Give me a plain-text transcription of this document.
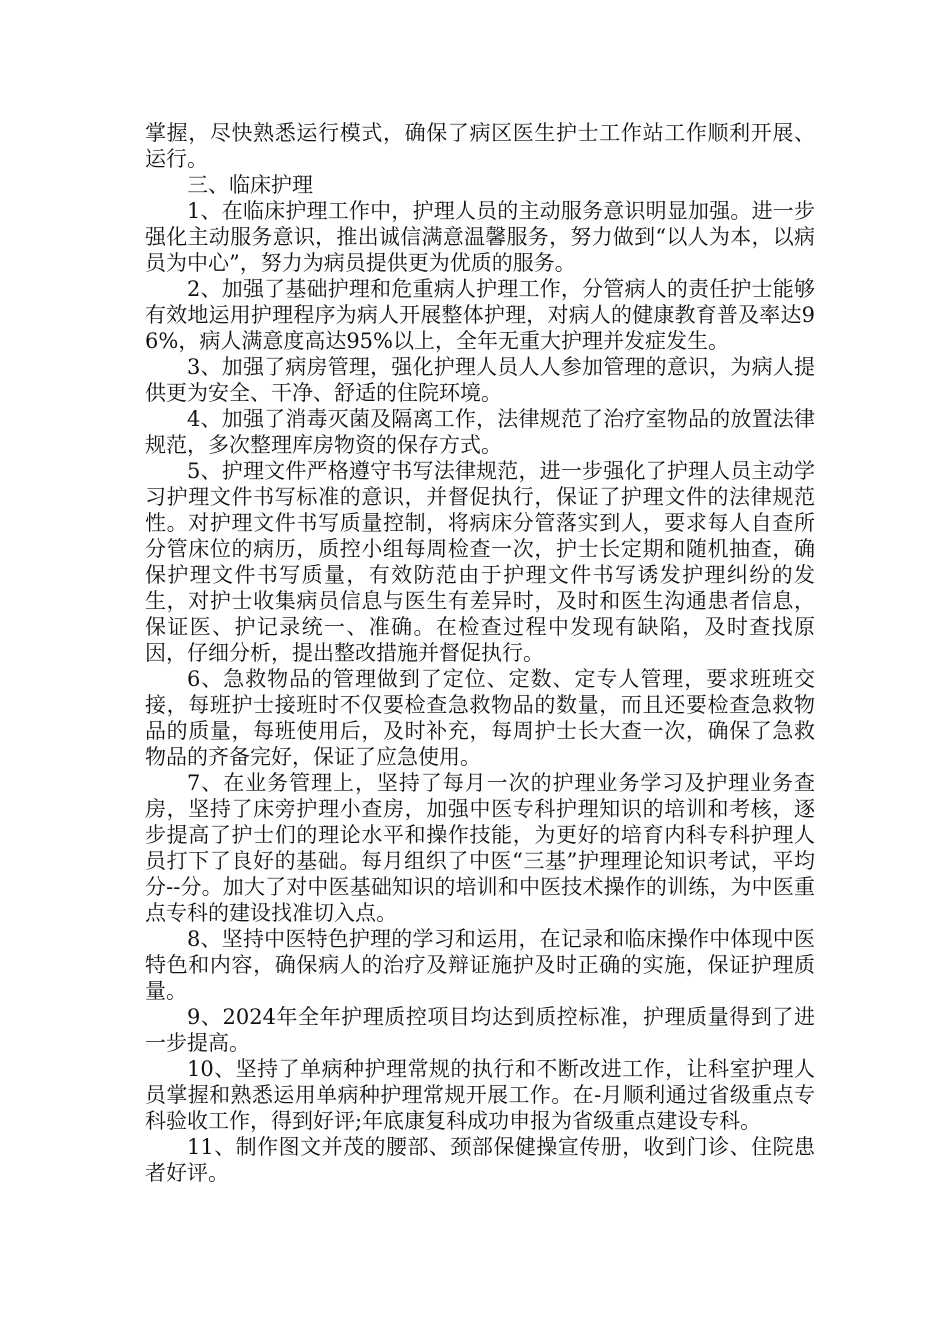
掌握，尽快熟悉运行模式，确保了病区医生护士工作站工作顺利开展、运行。

三、临床护理

1、在临床护理工作中，护理人员的主动服务意识明显加强。进一步强化主动服务意识，推出诚信满意温馨服务，努力做到“以人为本，以病员为中心”，努力为病员提供更为优质的服务。

2、加强了基础护理和危重病人护理工作，分管病人的责任护士能够有效地运用护理程序为病人开展整体护理，对病人的健康教育普及率达96%，病人满意度高达95%以上，全年无重大护理并发症发生。

3、加强了病房管理，强化护理人员人人参加管理的意识，为病人提供更为安全、干净、舒适的住院环境。

4、加强了消毒灭菌及隔离工作，法律规范了治疗室物品的放置法律规范，多次整理库房物资的保存方式。

5、护理文件严格遵守书写法律规范，进一步强化了护理人员主动学习护理文件书写标准的意识，并督促执行，保证了护理文件的法律规范性。对护理文件书写质量控制，将病床分管落实到人，要求每人自查所分管床位的病历，质控小组每周检查一次，护士长定期和随机抽查，确保护理文件书写质量，有效防范由于护理文件书写诱发护理纠纷的发生，对护士收集病员信息与医生有差异时，及时和医生沟通患者信息，保证医、护记录统一、准确。在检查过程中发现有缺陷，及时查找原因，仔细分析，提出整改措施并督促执行。

6、急救物品的管理做到了定位、定数、定专人管理，要求班班交接，每班护士接班时不仅要检查急救物品的数量，而且还要检查急救物品的质量，每班使用后，及时补充，每周护士长大查一次，确保了急救物品的齐备完好，保证了应急使用。

7、在业务管理上，坚持了每月一次的护理业务学习及护理业务查房，坚持了床旁护理小查房，加强中医专科护理知识的培训和考核，逐步提高了护士们的理论水平和操作技能，为更好的培育内科专科护理人员打下了良好的基础。每月组织了中医“三基”护理理论知识考试，平均分--分。加大了对中医基础知识的培训和中医技术操作的训练，为中医重点专科的建设找准切入点。

8、坚持中医特色护理的学习和运用，在记录和临床操作中体现中医特色和内容，确保病人的治疗及辩证施护及时正确的实施，保证护理质量。

9、2024年全年护理质控项目均达到质控标准，护理质量得到了进一步提高。

10、坚持了单病种护理常规的执行和不断改进工作，让科室护理人员掌握和熟悉运用单病种护理常规开展工作。在-月顺利通过省级重点专科验收工作，得到好评;年底康复科成功申报为省级重点建设专科。

11、制作图文并茂的腰部、颈部保健操宣传册，收到门诊、住院患者好评。
